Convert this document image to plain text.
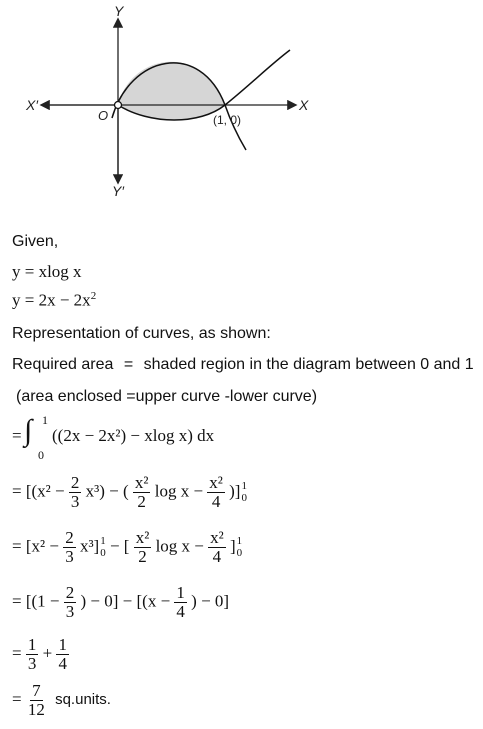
Y
X
X′
Y′
O	(1, 0)
Given,
y = xlog x
$y = 2x - 2x^2$
Representation of curves, as shown:
Required area = shaded region in the diagram between 0 and 1
(area enclosed =upper curve -lower curve)
= ∫ 1
0
((2x − 2x²) − xlog x) dx
= [$(x^2 - \frac{2}{3} x^3)$ − ( $\frac{\text{x²}}{2}$ $\log x - \frac{\text{x²}}{4}$ )] 1
0
= $[x^2 - \frac{2}{3} x^3]$ 1
0 − [ $\frac{\text{x²}}{2}$ $\log x - \frac{\text{x²}}{4}$ ] 1
0
= [($1 - \frac{2}{3}$ ) − $0] - [(x - \frac{1}{4}$ ) − 0]
= $\frac{1}{3} + \frac{1}{4}$
= $\frac{7}{12}$ sq.units.
